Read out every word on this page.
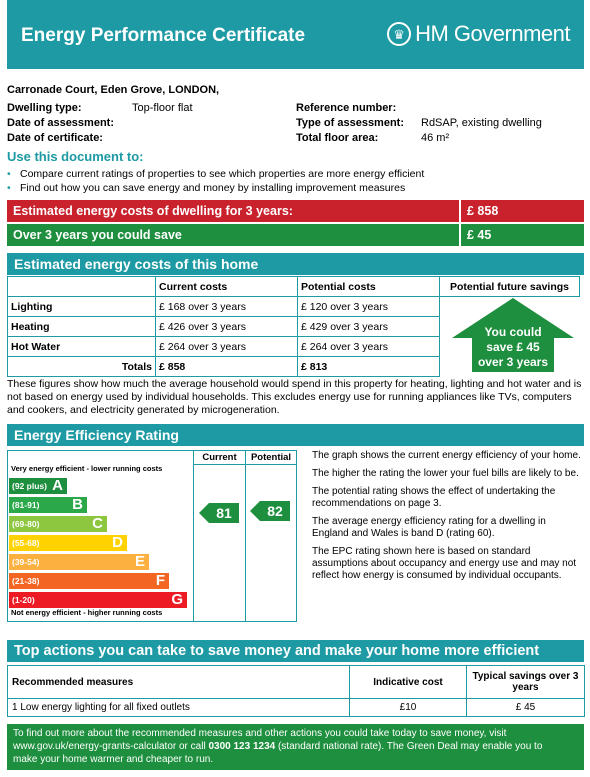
Energy Performance Certificate	♛ HM Government
Carronade Court, Eden Grove, LONDON,
Dwelling type:	Top-floor flat
Date of assessment:
Date of certificate:
Reference number:
Type of assessment: RdSAP, existing dwelling
Total floor area:	46 m²
Use this document to:
• Compare current ratings of properties to see which properties are more energy efficient
• Find out how you can save energy and money by installing improvement measures
Estimated energy costs of dwelling for 3 years:	£ 858
Over 3 years you could save	£ 45
Estimated energy costs of this home
	Current costs	Potential costs	Potential future savings
Lighting	£ 168 over 3 years	£ 120 over 3 years	
Heating	£ 426 over 3 years	£ 429 over 3 years	
Hot Water	£ 264 over 3 years	£ 264 over 3 years	
Totals	£ 858	£ 813	
You could
save £ 45
over 3 years
These figures show how much the average household would spend in this property for heating, lighting and hot water and is not based on energy used by individual households. This excludes energy use for running appliances like TVs, computers and cookers, and electricity generated by microgeneration.
Energy Efficiency Rating
Current	Potential
Very energy efficient - lower running costs
(92 plus) A
(81-91) B
(69-80)	C
(55-68)	D
(39-54)	E
(21-38)	F
(1-20)	G
Not energy efficient - higher running costs
81	82

The graph shows the current energy efficiency of your home.

The higher the rating the lower your fuel bills are likely to be.

The potential rating shows the effect of undertaking the recommendations on page 3.

The average energy efficiency rating for a dwelling in England and Wales is band D (rating 60).

The EPC rating shown here is based on standard assumptions about occupancy and energy use and may not reflect how energy is consumed by individual occupants.

Top actions you can take to save money and make your home more efficient
Recommended measures	Indicative cost	Typical savings over 3 years
1 Low energy lighting for all fixed outlets	£10	£ 45
To find out more about the recommended measures and other actions you could take today to save money, visit
www.gov.uk/energy-grants-calculator or call 0300 123 1234 (standard national rate). The Green Deal may enable you to
make your home warmer and cheaper to run.
